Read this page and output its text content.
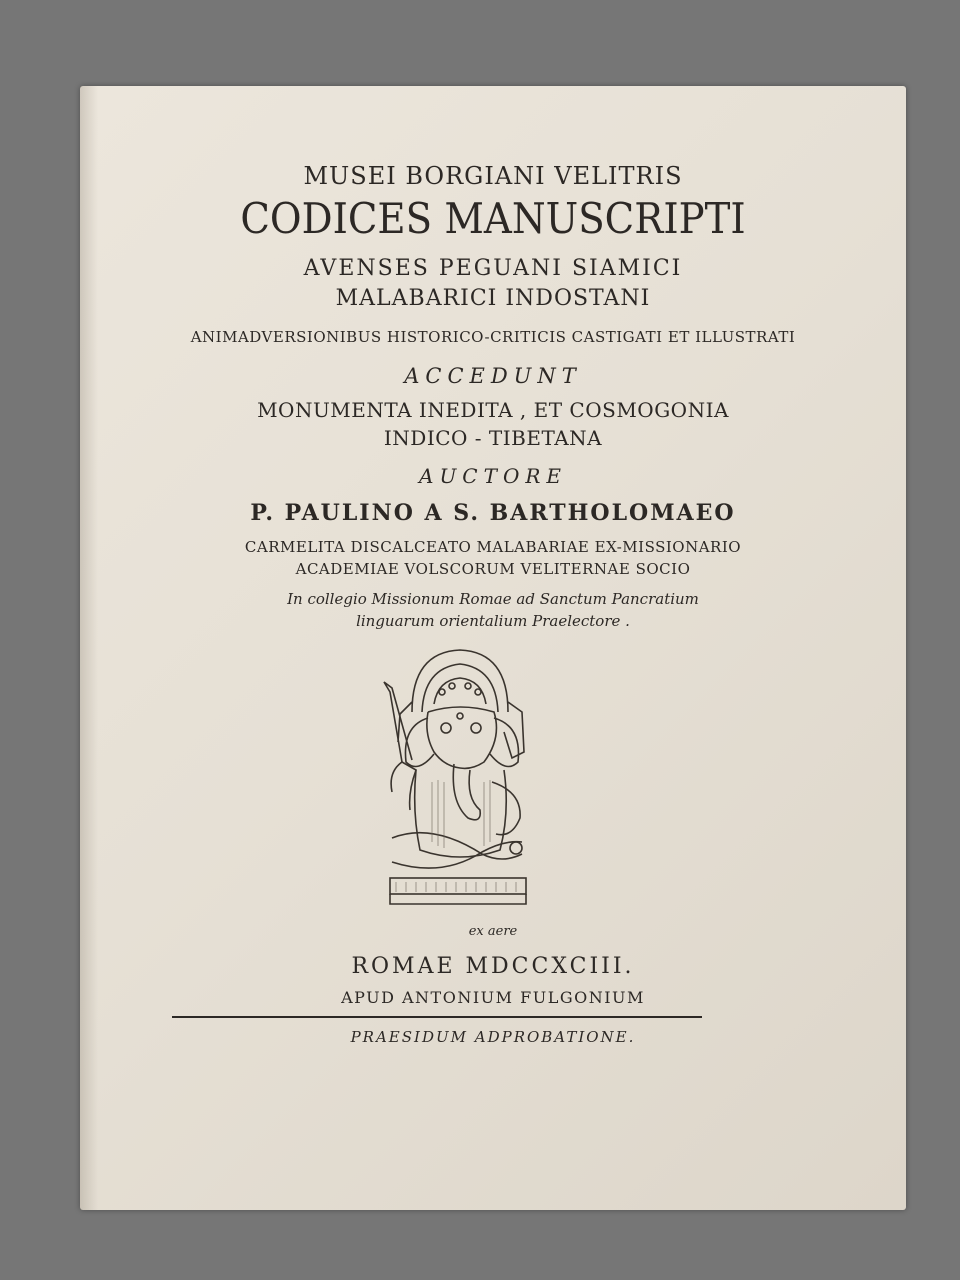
MUSEI BORGIANI VELITRIS
CODICES MANUSCRIPTI
AVENSES PEGUANI SIAMICI
MALABARICI INDOSTANI
ANIMADVERSIONIBUS HISTORICO-CRITICIS CASTIGATI ET ILLUSTRATI
ACCEDUNT
MONUMENTA INEDITA , ET COSMOGONIA
INDICO - TIBETANA
AUCTORE
P. PAULINO A S. BARTHOLOMAEO
CARMELITA DISCALCEATO MALABARIAE EX-MISSIONARIO
ACADEMIAE VOLSCORUM VELITERNAE SOCIO
In collegio Missionum Romae ad Sanctum Pancratium
linguarum orientalium Praelectore .
ex aere
ROMAE MDCCXCIII.
APUD ANTONIUM FULGONIUM
PRAESIDUM ADPROBATIONE.
